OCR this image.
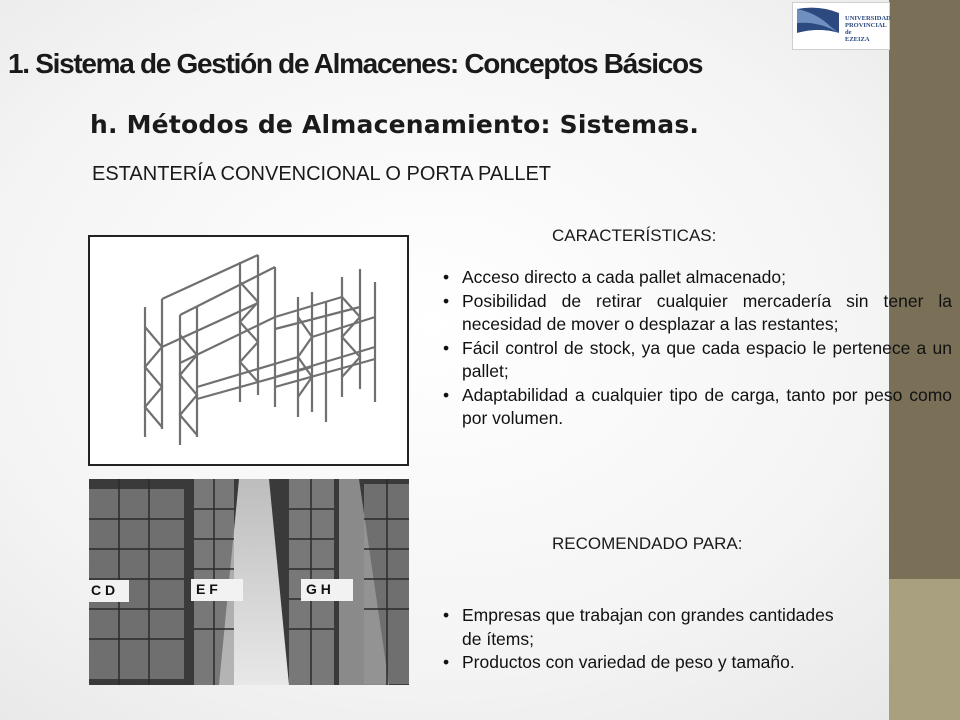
UPE
UNIVERSIDAD
PROVINCIAL de
EZEIZA
1. Sistema de Gestión de Almacenes: Conceptos Básicos
h. Métodos de Almacenamiento: Sistemas.
ESTANTERÍA CONVENCIONAL O PORTA PALLET
C D	E F	G H
CARACTERÍSTICAS:
• Acceso directo a cada pallet almacenado;
• Posibilidad de retirar cualquier mercadería sin tener la necesidad de mover o desplazar a las restantes;
• Fácil control de stock, ya que cada espacio le pertenece a un pallet;
• Adaptabilidad a cualquier tipo de carga, tanto por peso como por volumen.
RECOMENDADO PARA:
• Empresas que trabajan con grandes cantidades de ítems;
• Productos con variedad de peso y tamaño.
